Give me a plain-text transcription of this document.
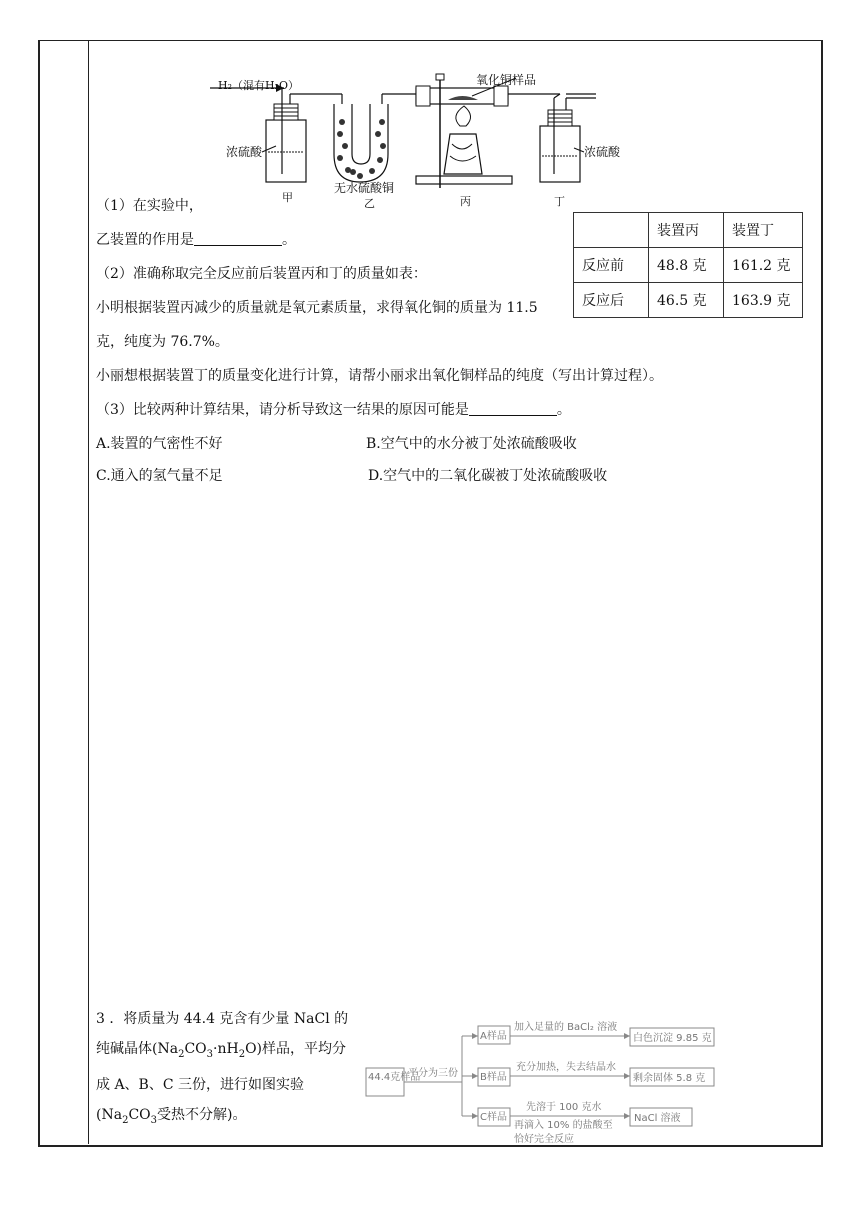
H₂（混有H₂O）	氧化铜样品
浓硫酸	浓硫酸
无水硫酸铜
甲	乙	丙	丁
（1）在实验中，
乙装置的作用是	。
	装置丙	装置丁
反应前	48.8 克	161.2 克
反应后	46.5 克	163.9 克
（2）准确称取完全反应前后装置丙和丁的质量如表：
小明根据装置丙减少的质量就是氧元素质量，求得氧化铜的质量为 11.5
克，纯度为 76.7%。
小丽想根据装置丁的质量变化进行计算，请帮小丽求出氧化铜样品的纯度（写出计算过程）。
（3）比较两种计算结果，请分析导致这一结果的原因可能是	。
A.装置的气密性不好	B.空气中的水分被丁处浓硫酸吸收
C.通入的氢气量不足	D.空气中的二氧化碳被丁处浓硫酸吸收
3 ．将质量为 44.4 克含有少量 NaCl 的纯碱晶体$(Na_2CO_3\cdot nH_2O)$样品，平均分成 A、B、C 三份，进行如图实验($Na_2CO_3$受热不分解)。
44.4克样品
平分为三份
A样品
B样品
C样品
加入足量的 BaCl₂ 溶液
充分加热，失去结晶水
先溶于 100 克水
再滴入 10% 的盐酸至
恰好完全反应
白色沉淀 9.85 克
剩余固体 5.8 克
NaCl 溶液
